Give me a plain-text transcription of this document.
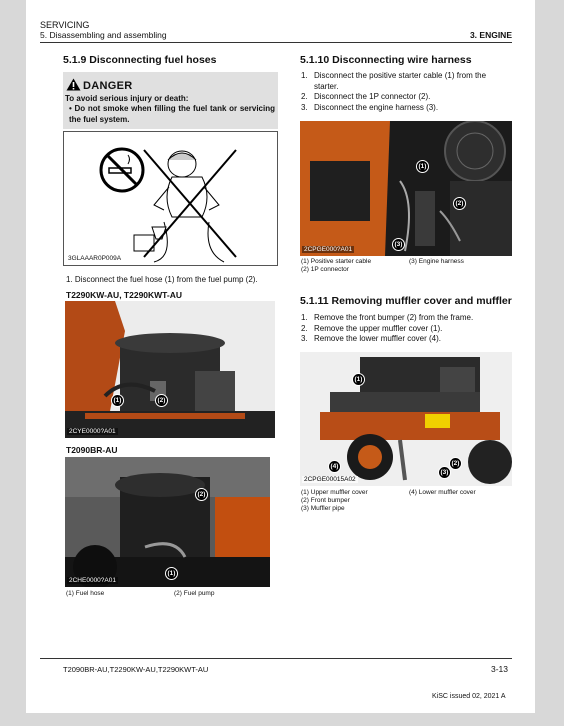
SERVICING
5. Disassembling and assembling	3. ENGINE
5.1.9 Disconnecting fuel hoses
DANGER
To avoid serious injury or death:
• Do not smoke when filling the fuel tank or servicing the fuel system.
3GLAAAR0P009A
1. Disconnect the fuel hose (1) from the fuel pump (2).
T2290KW-AU, T2290KWT-AU
(1)	(2)
2CYE0000?A01
T2090BR-AU
(2)
(1)
2CHE0000?A01
(1) Fuel hose	(2) Fuel pump
5.1.10 Disconnecting wire harness
1. Disconnect the positive starter cable (1) from the starter.
2. Disconnect the 1P connector (2).
3. Disconnect the engine harness (3).
(1)
(2)
(3)
2CPGE000?A01
(1) Positive starter cable
(2) 1P connector
(3) Engine harness
5.1.11 Removing muffler cover and muffler
1. Remove the front bumper (2) from the frame.
2. Remove the upper muffler cover (1).
3. Remove the lower muffler cover (4).
(1)
(2)
(3)
(4)
2CPGE00015A02
(1) Upper muffler cover
(2) Front bumper
(3) Muffler pipe
(4) Lower muffler cover
T2090BR-AU,T2290KW-AU,T2290KWT-AU	3-13
KiSC issued 02, 2021 A
